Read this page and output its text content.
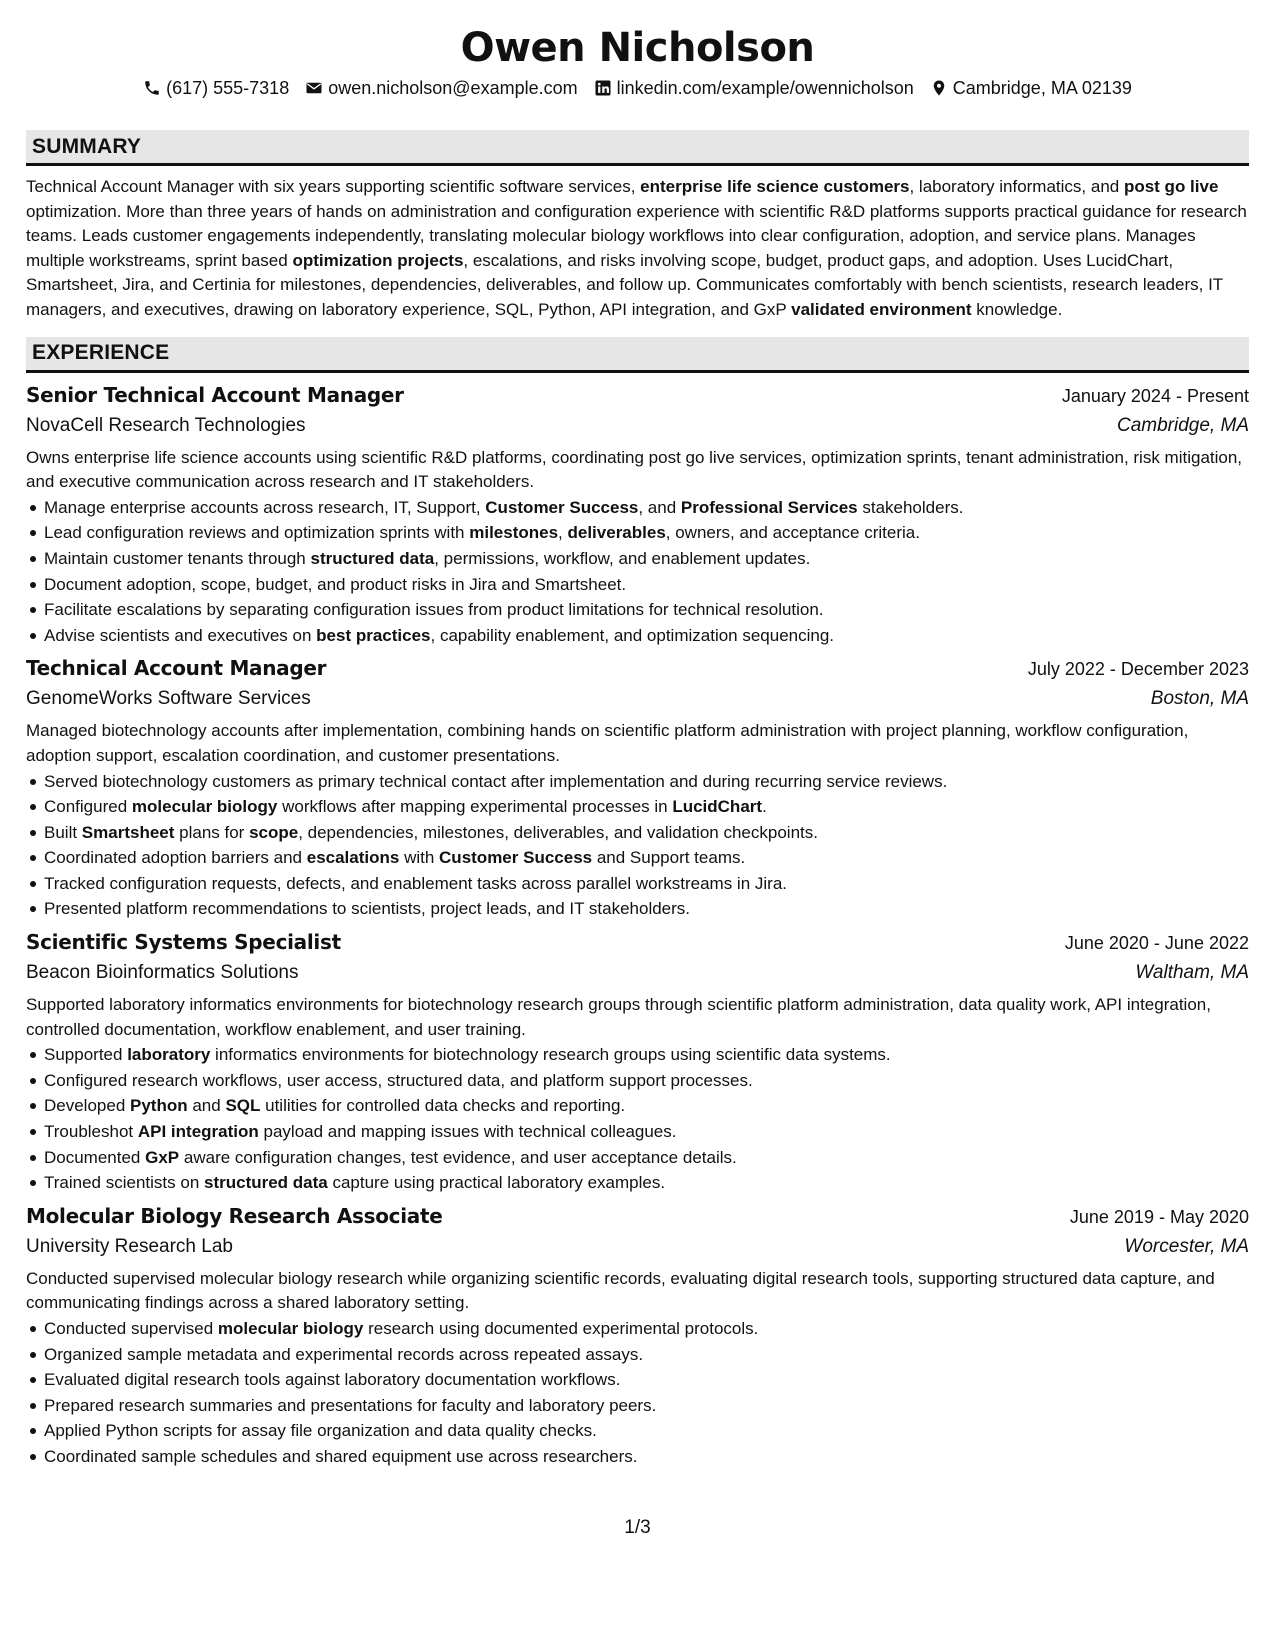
Owen Nicholson
(617) 555-7318 owen.nicholson@example.com linkedin.com/example/owennicholson Cambridge, MA 02139
SUMMARY
Technical Account Manager with six years supporting scientific software services, enterprise life science customers, laboratory informatics, and post go live optimization. More than three years of hands on administration and configuration experience with scientific R&D platforms supports practical guidance for research teams. Leads customer engagements independently, translating molecular biology workflows into clear configuration, adoption, and service plans. Manages multiple workstreams, sprint based optimization projects, escalations, and risks involving scope, budget, product gaps, and adoption. Uses LucidChart, Smartsheet, Jira, and Certinia for milestones, dependencies, deliverables, and follow up. Communicates comfortably with bench scientists, research leaders, IT managers, and executives, drawing on laboratory experience, SQL, Python, API integration, and GxP validated environment knowledge.
EXPERIENCE
Senior Technical Account Manager	January 2024 - Present
NovaCell Research Technologies	Cambridge, MA
Owns enterprise life science accounts using scientific R&D platforms, coordinating post go live services, optimization sprints, tenant administration, risk mitigation, and executive communication across research and IT stakeholders.
Manage enterprise accounts across research, IT, Support, Customer Success, and Professional Services stakeholders.
Lead configuration reviews and optimization sprints with milestones, deliverables, owners, and acceptance criteria.
Maintain customer tenants through structured data, permissions, workflow, and enablement updates.
Document adoption, scope, budget, and product risks in Jira and Smartsheet.
Facilitate escalations by separating configuration issues from product limitations for technical resolution.
Advise scientists and executives on best practices, capability enablement, and optimization sequencing.
Technical Account Manager	July 2022 - December 2023
GenomeWorks Software Services	Boston, MA
Managed biotechnology accounts after implementation, combining hands on scientific platform administration with project planning, workflow configuration, adoption support, escalation coordination, and customer presentations.
Served biotechnology customers as primary technical contact after implementation and during recurring service reviews.
Configured molecular biology workflows after mapping experimental processes in LucidChart.
Built Smartsheet plans for scope, dependencies, milestones, deliverables, and validation checkpoints.
Coordinated adoption barriers and escalations with Customer Success and Support teams.
Tracked configuration requests, defects, and enablement tasks across parallel workstreams in Jira.
Presented platform recommendations to scientists, project leads, and IT stakeholders.
Scientific Systems Specialist	June 2020 - June 2022
Beacon Bioinformatics Solutions	Waltham, MA
Supported laboratory informatics environments for biotechnology research groups through scientific platform administration, data quality work, API integration, controlled documentation, workflow enablement, and user training.
Supported laboratory informatics environments for biotechnology research groups using scientific data systems.
Configured research workflows, user access, structured data, and platform support processes.
Developed Python and SQL utilities for controlled data checks and reporting.
Troubleshot API integration payload and mapping issues with technical colleagues.
Documented GxP aware configuration changes, test evidence, and user acceptance details.
Trained scientists on structured data capture using practical laboratory examples.
Molecular Biology Research Associate	June 2019 - May 2020
University Research Lab	Worcester, MA
Conducted supervised molecular biology research while organizing scientific records, evaluating digital research tools, supporting structured data capture, and communicating findings across a shared laboratory setting.
Conducted supervised molecular biology research using documented experimental protocols.
Organized sample metadata and experimental records across repeated assays.
Evaluated digital research tools against laboratory documentation workflows.
Prepared research summaries and presentations for faculty and laboratory peers.
Applied Python scripts for assay file organization and data quality checks.
Coordinated sample schedules and shared equipment use across researchers.
1/3
